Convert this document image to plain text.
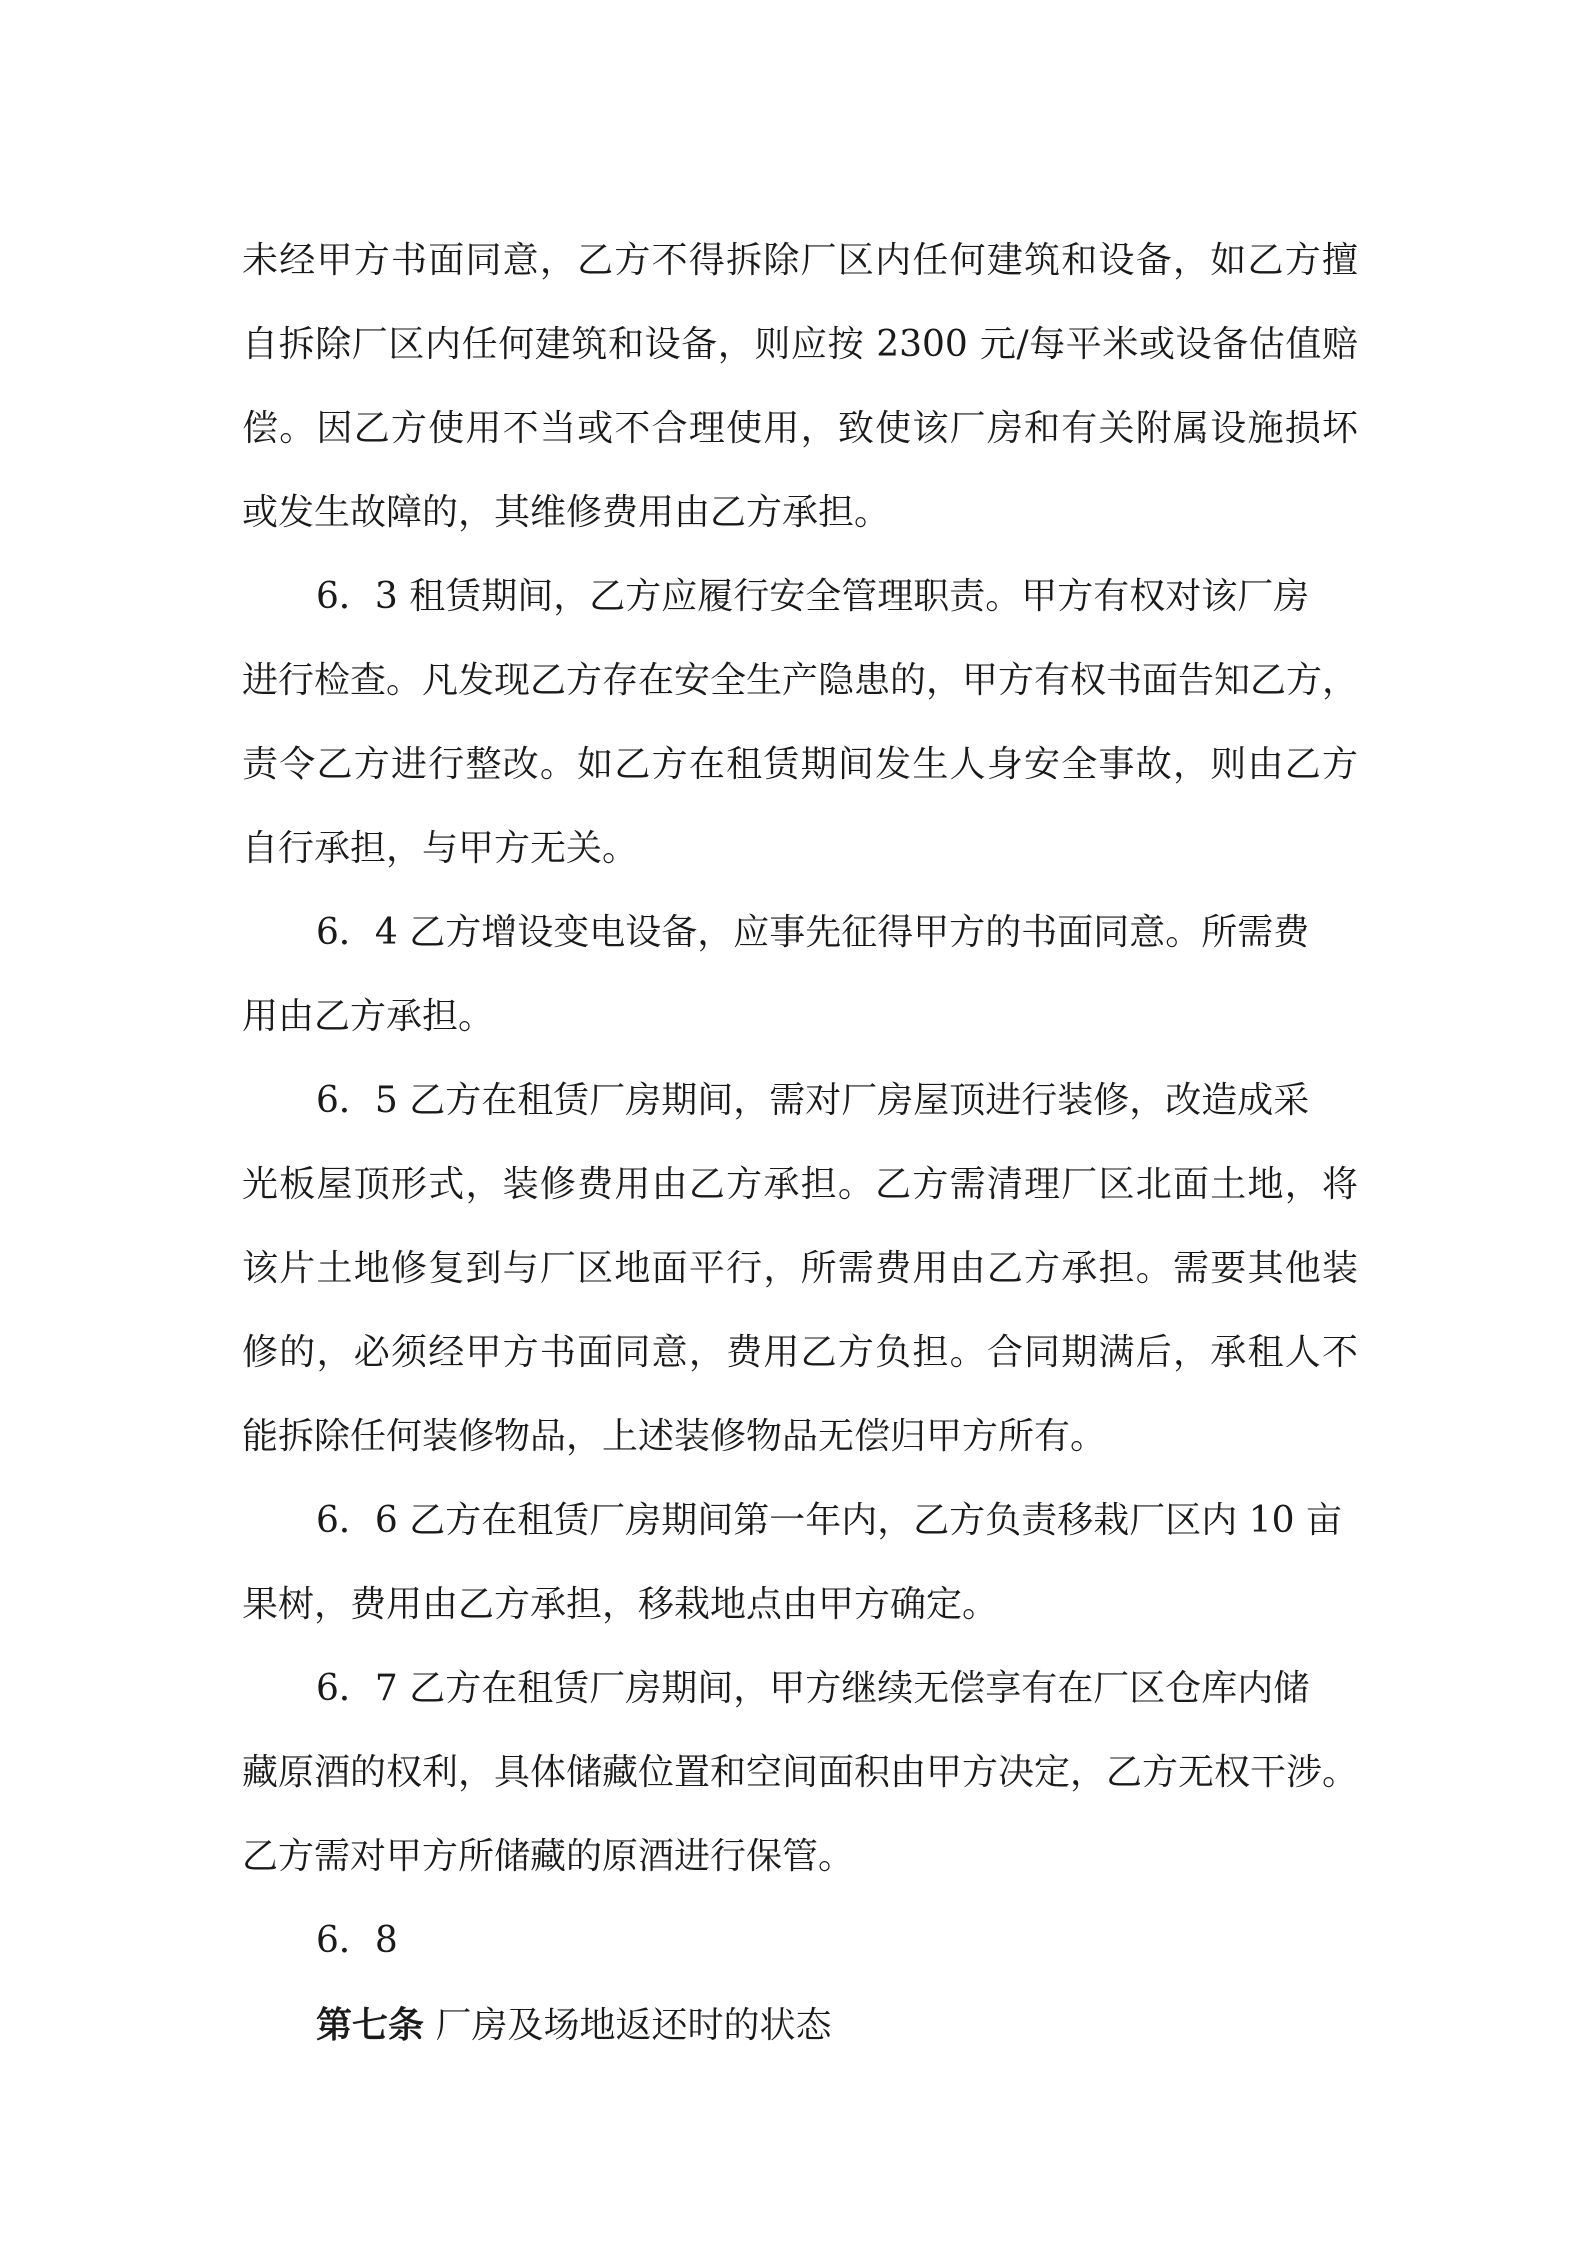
未经甲方书面同意，乙方不得拆除厂区内任何建筑和设备，如乙方擅
自拆除厂区内任何建筑和设备，则应按 2300 元/每平米或设备估值赔
偿。因乙方使用不当或不合理使用，致使该厂房和有关附属设施损坏
或发生故障的，其维修费用由乙方承担。
6．3 租赁期间，乙方应履行安全管理职责。甲方有权对该厂房
进行检查。凡发现乙方存在安全生产隐患的，甲方有权书面告知乙方，
责令乙方进行整改。如乙方在租赁期间发生人身安全事故，则由乙方
自行承担，与甲方无关。
6．4 乙方增设变电设备，应事先征得甲方的书面同意。所需费
用由乙方承担。
6．5 乙方在租赁厂房期间，需对厂房屋顶进行装修，改造成采
光板屋顶形式，装修费用由乙方承担。乙方需清理厂区北面土地，将
该片土地修复到与厂区地面平行，所需费用由乙方承担。需要其他装
修的，必须经甲方书面同意，费用乙方负担。合同期满后，承租人不
能拆除任何装修物品，上述装修物品无偿归甲方所有。
6．6 乙方在租赁厂房期间第一年内，乙方负责移栽厂区内 10 亩
果树，费用由乙方承担，移栽地点由甲方确定。
6．7 乙方在租赁厂房期间，甲方继续无偿享有在厂区仓库内储
藏原酒的权利，具体储藏位置和空间面积由甲方决定，乙方无权干涉。
乙方需对甲方所储藏的原酒进行保管。
6．8
第七条 厂房及场地返还时的状态
